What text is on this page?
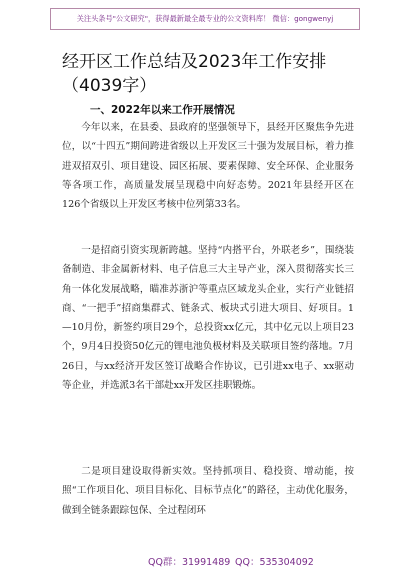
关注头条号"公文研究"，获得最新最全最专业的公文资料库！ 微信：gongwenyj
经开区工作总结及2023年工作安排（4039字）
一、2022年以来工作开展情况

今年以来，在县委、县政府的坚强领导下，县经开区聚焦争先进位，以“十四五”期间跨进省级以上开发区三十强为发展目标，着力推进双招双引、项目建设、园区拓展、要素保障、安全环保、企业服务等各项工作，高质量发展呈现稳中向好态势。2021年县经开区在126个省级以上开发区考核中位列第33名。

一是招商引资实现新跨越。坚持“内搭平台，外联老乡”，围绕装备制造、非金属新材料、电子信息三大主导产业，深入贯彻落实长三角一体化发展战略，瞄准苏浙沪等重点区域龙头企业，实行产业链招商、“一把手”招商集群式、链条式、板块式引进大项目、好项目。1—10月份，新签约项目29个，总投资xx亿元，其中亿元以上项目23个，9月4日投资50亿元的锂电池负极材料及关联项目签约落地。7月26日，与xx经济开发区签订战略合作协议，已引进xx电子、xx驱动等企业，并选派3名干部赴xx开发区挂职锻炼。

二是项目建设取得新实效。坚持抓项目、稳投资、增动能，按照“工作项目化、项目目标化、目标节点化”的路径，主动优化服务，做到全链条跟踪包保、全过程闭环

QQ群：31991489 QQ：535304092
